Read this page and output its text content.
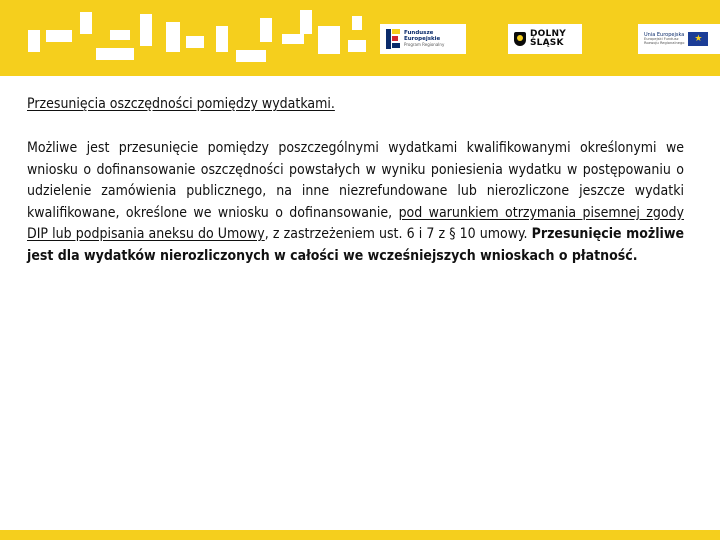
Fundusze
Europejskie
Program Regionalny
DOLNY
ŚLĄSK
Unia Europejska
Europejski Fundusz
Rozwoju Regionalnego
★

Przesunięcia oszczędności pomiędzy wydatkami.

Możliwe jest przesunięcie pomiędzy poszczególnymi wydatkami kwalifikowanymi określonymi we wniosku o dofinansowanie oszczędności powstałych w wyniku poniesienia wydatku w postępowaniu o udzielenie zamówienia publicznego, na inne niezrefundowane lub nierozliczone jeszcze wydatki kwalifikowane, określone we wniosku o dofinansowanie, pod warunkiem otrzymania pisemnej zgody DIP lub podpisania aneksu do Umowy, z zastrzeżeniem ust. 6 i 7 z § 10 umowy. Przesunięcie możliwe jest dla wydatków nierozliczonych w całości we wcześniejszych wnioskach o płatność.
